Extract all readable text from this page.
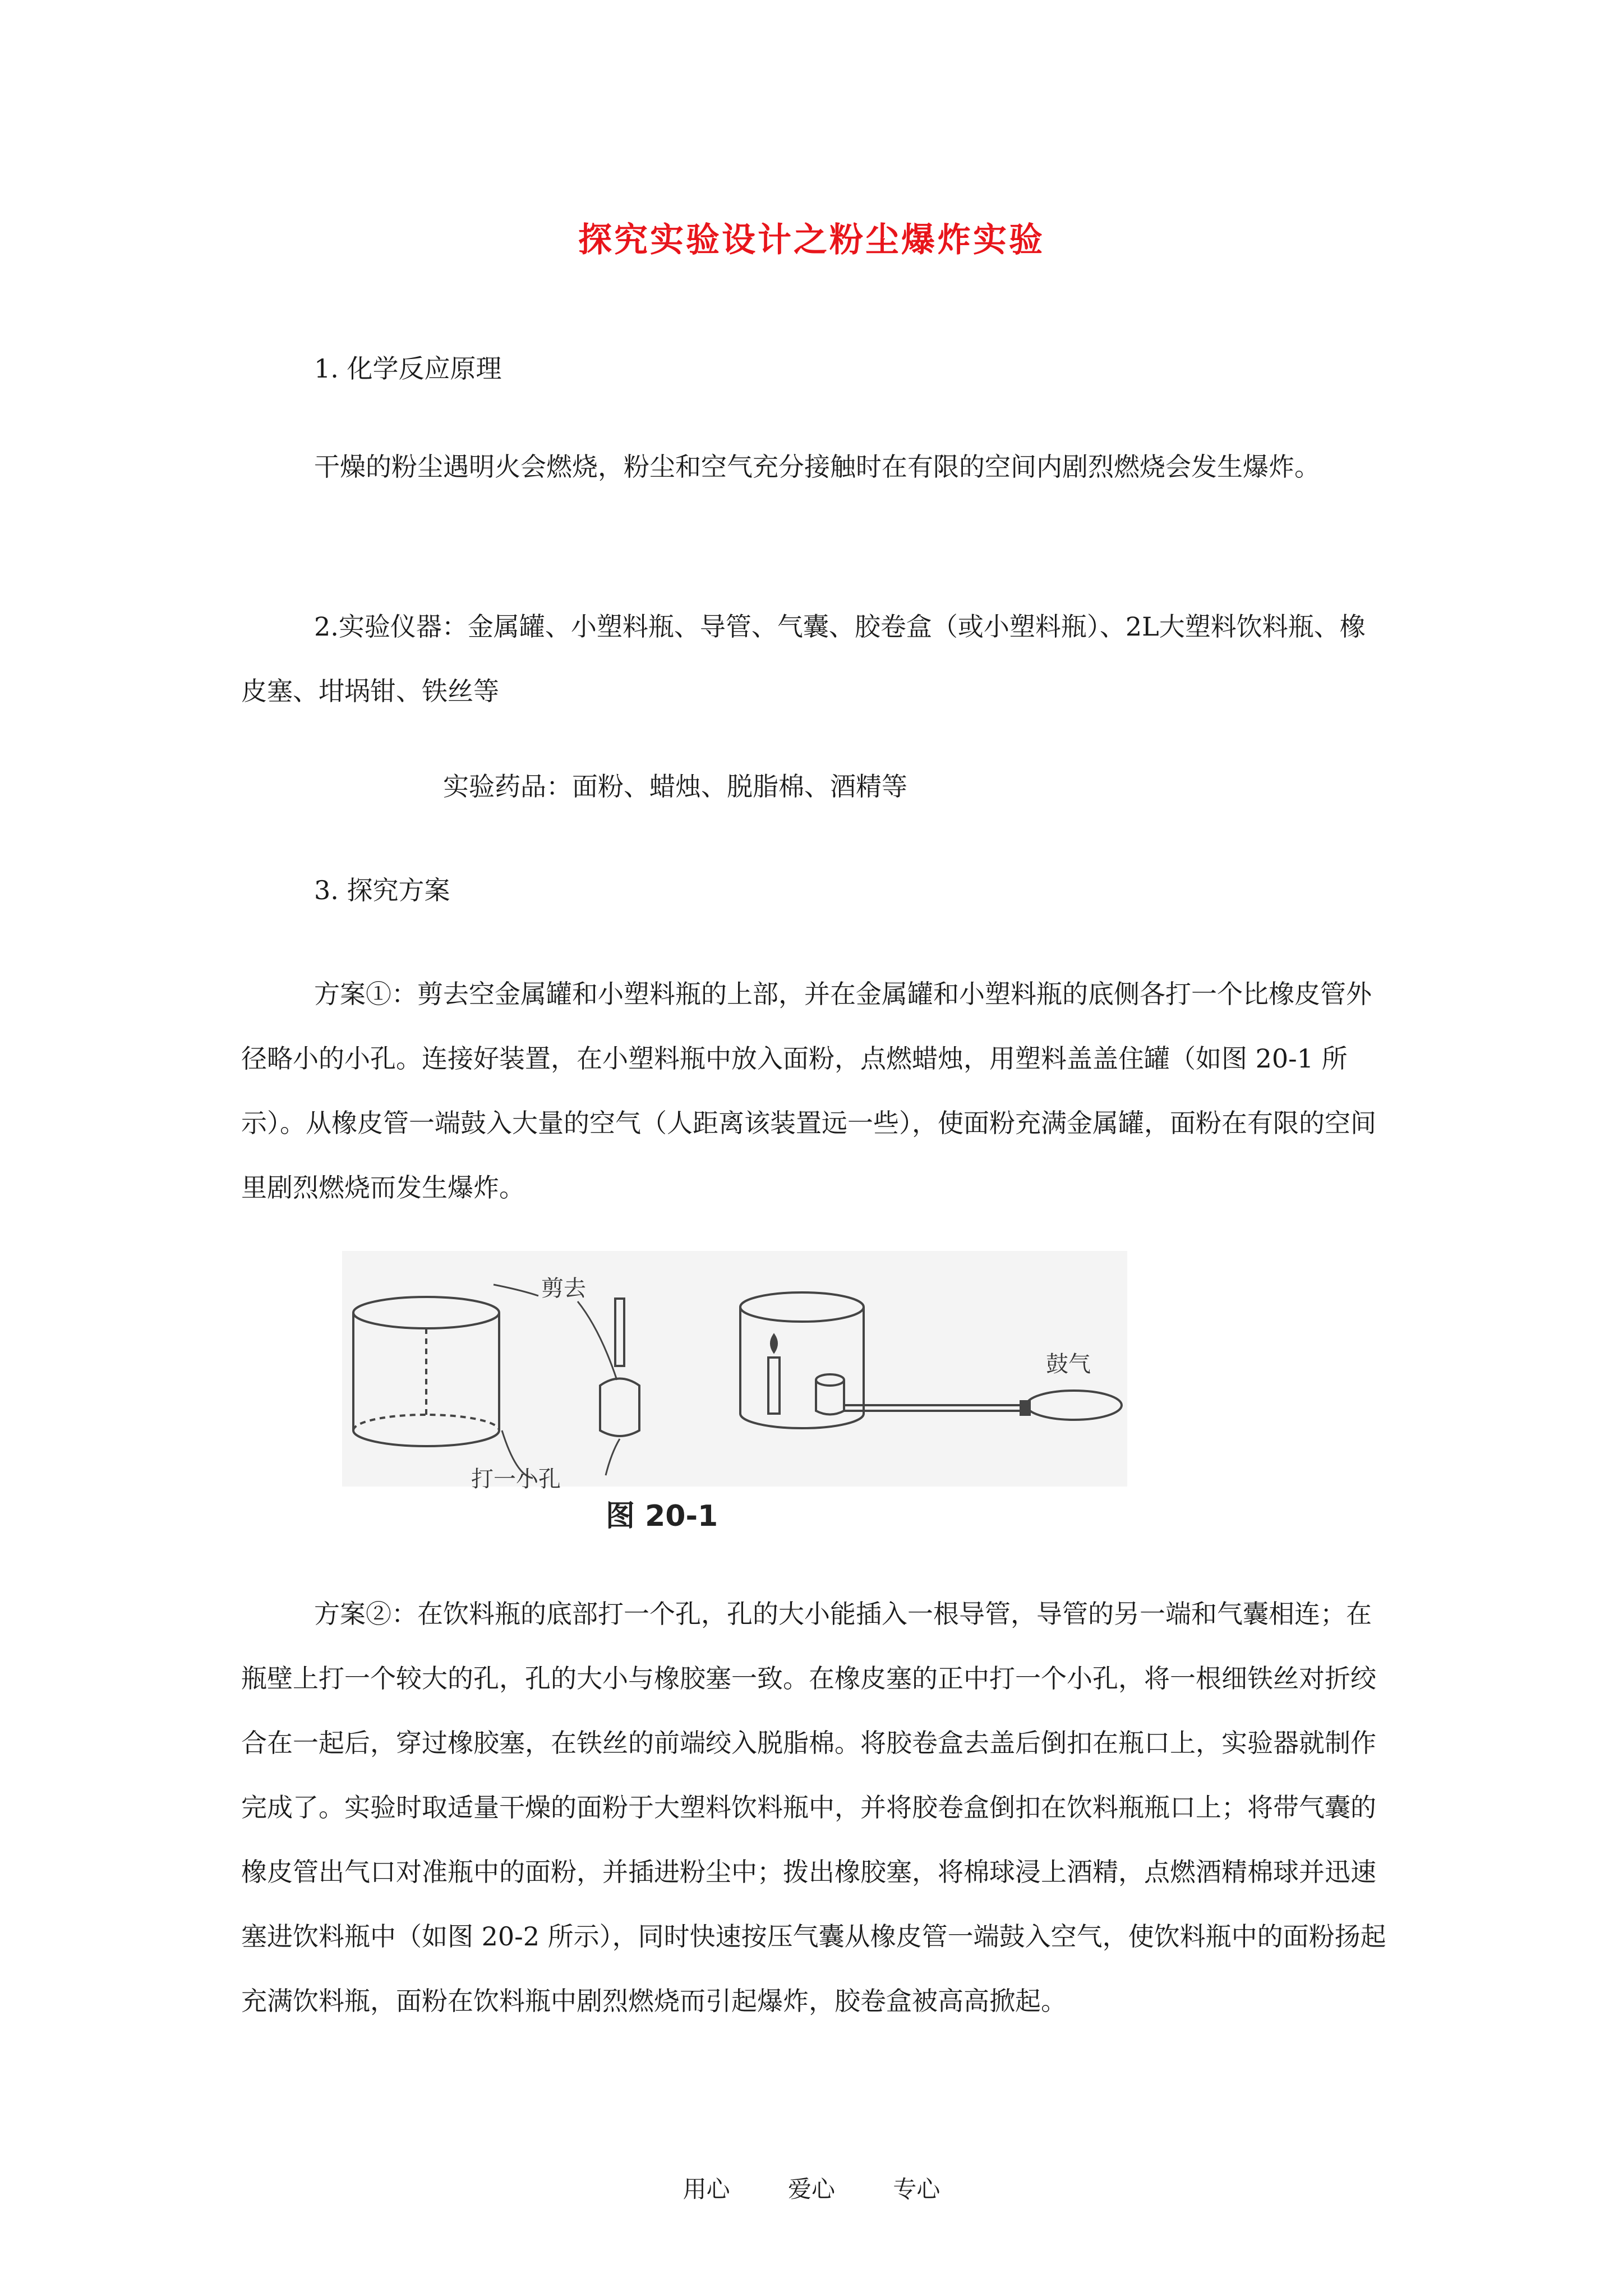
探究实验设计之粉尘爆炸实验

1. 化学反应原理

干燥的粉尘遇明火会燃烧，粉尘和空气充分接触时在有限的空间内剧烈燃烧会发生爆炸。

2.实验仪器：金属罐、小塑料瓶、导管、气囊、胶卷盒（或小塑料瓶）、2L大塑料饮料瓶、橡皮塞、坩埚钳、铁丝等

实验药品：面粉、蜡烛、脱脂棉、酒精等

3. 探究方案

方案①：剪去空金属罐和小塑料瓶的上部，并在金属罐和小塑料瓶的底侧各打一个比橡皮管外径略小的小孔。连接好装置，在小塑料瓶中放入面粉，点燃蜡烛，用塑料盖盖住罐（如图 20-1 所示）。从橡皮管一端鼓入大量的空气（人距离该装置远一些），使面粉充满金属罐，面粉在有限的空间里剧烈燃烧而发生爆炸。

剪去
打一小孔
鼓气
图 20-1

方案②：在饮料瓶的底部打一个孔，孔的大小能插入一根导管，导管的另一端和气囊相连；在瓶壁上打一个较大的孔，孔的大小与橡胶塞一致。在橡皮塞的正中打一个小孔，将一根细铁丝对折绞合在一起后，穿过橡胶塞，在铁丝的前端绞入脱脂棉。将胶卷盒去盖后倒扣在瓶口上，实验器就制作完成了。实验时取适量干燥的面粉于大塑料饮料瓶中，并将胶卷盒倒扣在饮料瓶瓶口上；将带气囊的橡皮管出气口对准瓶中的面粉，并插进粉尘中；拨出橡胶塞，将棉球浸上酒精，点燃酒精棉球并迅速塞进饮料瓶中（如图 20-2 所示），同时快速按压气囊从橡皮管一端鼓入空气，使饮料瓶中的面粉扬起充满饮料瓶，面粉在饮料瓶中剧烈燃烧而引起爆炸，胶卷盒被高高掀起。

用心 爱心 专心
